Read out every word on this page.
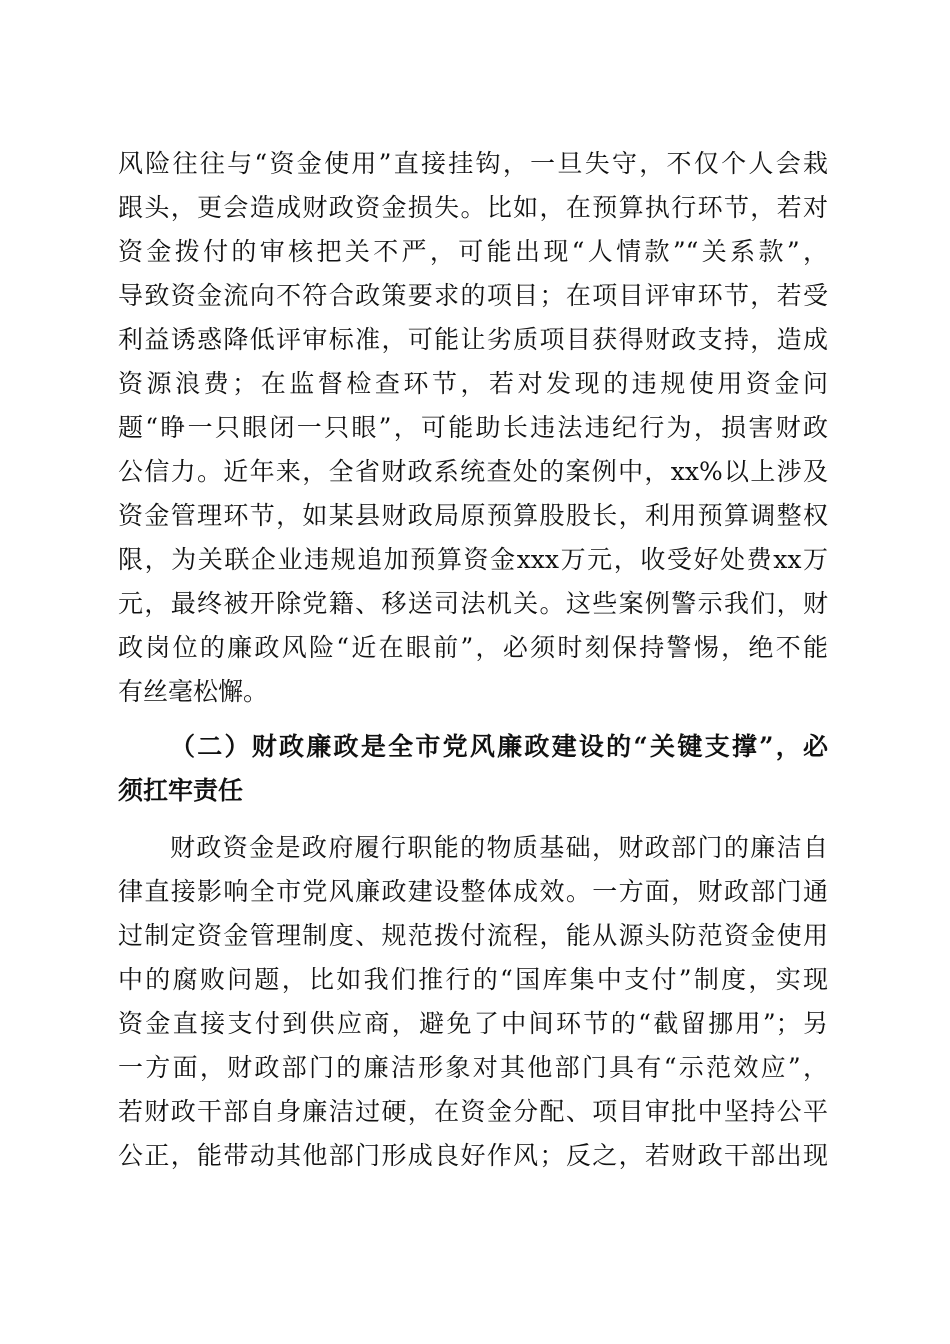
风险往往与“资金使用”直接挂钩，一旦失守，不仅个人会栽
跟头，更会造成财政资金损失。比如，在预算执行环节，若对
资金拨付的审核把关不严，可能出现“人情款”“关系款”，
导致资金流向不符合政策要求的项目；在项目评审环节，若受
利益诱惑降低评审标准，可能让劣质项目获得财政支持，造成
资源浪费；在监督检查环节，若对发现的违规使用资金问
题“睁一只眼闭一只眼”，可能助长违法违纪行为，损害财政
公信力。近年来，全省财政系统查处的案例中，xx%以上涉及
资金管理环节，如某县财政局原预算股股长，利用预算调整权
限，为关联企业违规追加预算资金xxx万元，收受好处费xx万
元，最终被开除党籍、移送司法机关。这些案例警示我们，财
政岗位的廉政风险“近在眼前”，必须时刻保持警惕，绝不能
有丝毫松懈。
（二）财政廉政是全市党风廉政建设的“关键支撑”，必
须扛牢责任
财政资金是政府履行职能的物质基础，财政部门的廉洁自
律直接影响全市党风廉政建设整体成效。一方面，财政部门通
过制定资金管理制度、规范拨付流程，能从源头防范资金使用
中的腐败问题，比如我们推行的“国库集中支付”制度，实现
资金直接支付到供应商，避免了中间环节的“截留挪用”；另
一方面，财政部门的廉洁形象对其他部门具有“示范效应”，
若财政干部自身廉洁过硬，在资金分配、项目审批中坚持公平
公正，能带动其他部门形成良好作风；反之，若财政干部出现
